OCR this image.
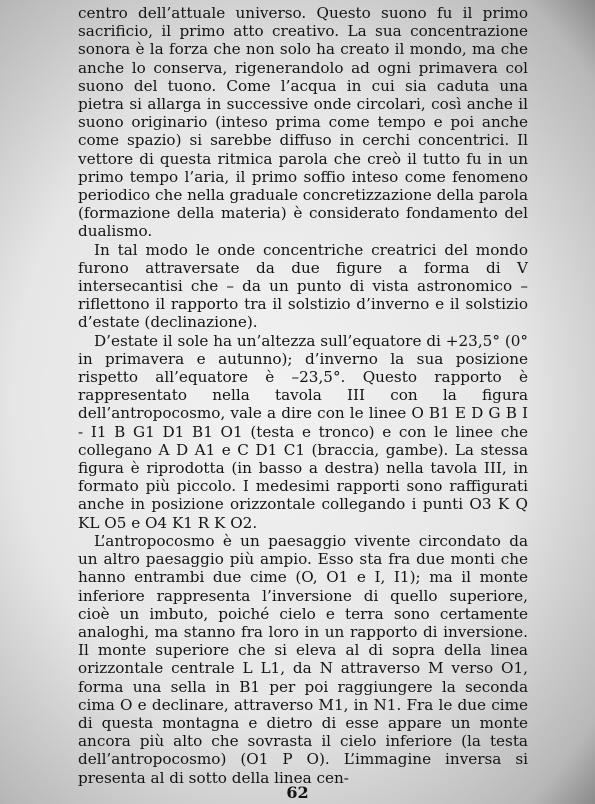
centro dell’attuale universo. Questo suono fu il primo sacrificio, il primo atto creativo. La sua concentrazione sonora è la forza che non solo ha creato il mondo, ma che anche lo conserva, rigenerandolo ad ogni primavera col suono del tuono. Come l’acqua in cui sia caduta una pietra si allarga in successive onde circolari, così anche il suono originario (inteso prima come tempo e poi anche come spazio) si sarebbe diffuso in cerchi concentrici. Il vettore di questa ritmica parola che creò il tutto fu in un primo tempo l’aria, il primo soffio inteso come fenomeno periodico che nella graduale concretizzazione della parola (formazione della materia) è considerato fondamento del dualismo.

In tal modo le onde concentriche creatrici del mondo furono attraversate da due figure a forma di V intersecantisi che – da un punto di vista astronomico – riflettono il rapporto tra il solstizio d’inverno e il solstizio d’estate (declinazione).

D’estate il sole ha un’altezza sull’equatore di +23,5° (0° in primavera e autunno); d’inverno la sua posizione rispetto all’equatore è –23,5°. Questo rapporto è rappresentato nella tavola III con la figura dell’antropocosmo, vale a dire con le linee O B1 E D G B I - I1 B G1 D1 B1 O1 (testa e tronco) e con le linee che collegano A D A1 e C D1 C1 (braccia, gambe). La stessa figura è riprodotta (in basso a destra) nella tavola III, in formato più piccolo. I medesimi rapporti sono raffigurati anche in posizione orizzontale collegando i punti O3 K Q KL O5 e O4 K1 R K O2.

L’antropocosmo è un paesaggio vivente circondato da un altro paesaggio più ampio. Esso sta fra due monti che hanno entrambi due cime (O, O1 e I, I1); ma il monte inferiore rappresenta l’inversione di quello superiore, cioè un imbuto, poiché cielo e terra sono certamente analoghi, ma stanno fra loro in un rapporto di inversione. Il monte superiore che si eleva al di sopra della linea orizzontale centrale L L1, da N attraverso M verso O1, forma una sella in B1 per poi raggiungere la seconda cima O e declinare, attraverso M1, in N1. Fra le due cime di questa montagna e dietro di esse appare un monte ancora più alto che sovrasta il cielo inferiore (la testa dell’antropocosmo) (O1 P O). L’immagine inversa si presenta al di sotto della linea cen-

62
